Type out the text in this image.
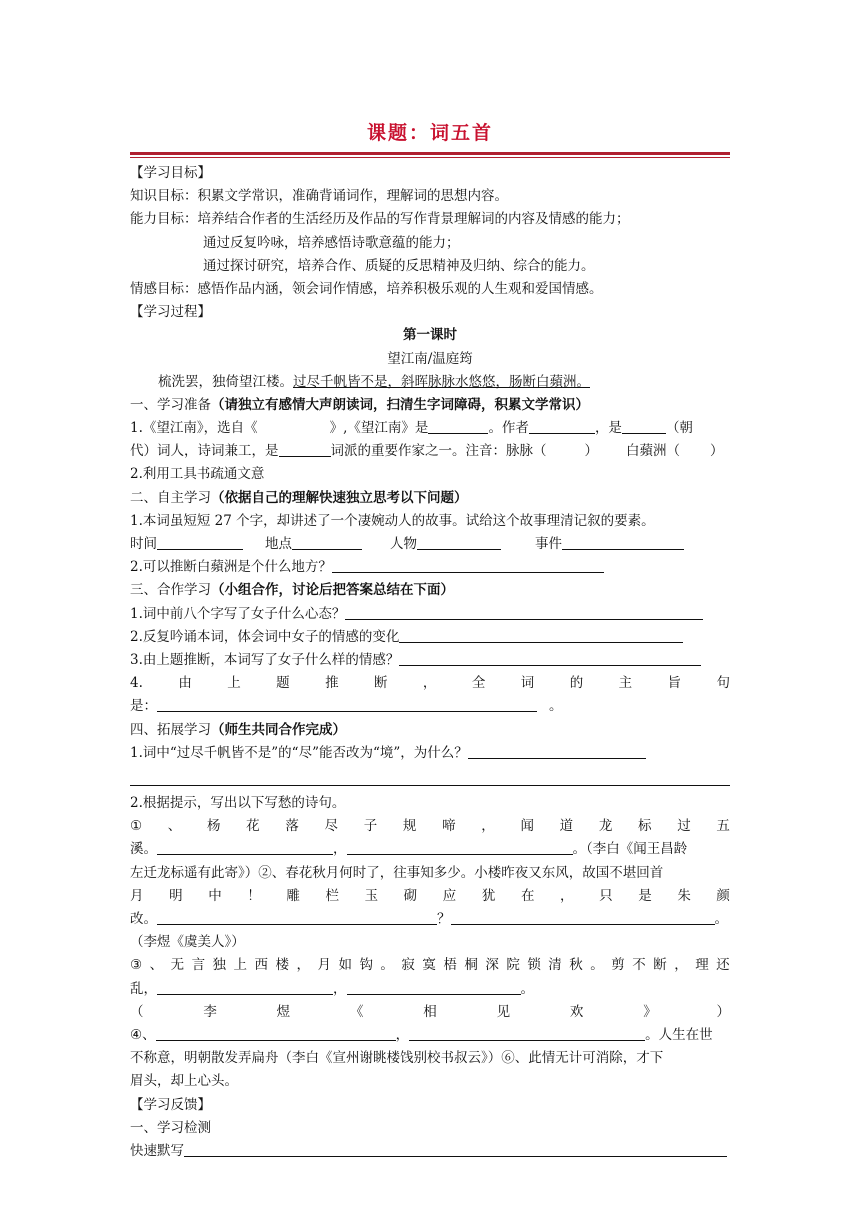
课题：词五首
【学习目标】
知识目标：积累文学常识，准确背诵词作，理解词的思想内容。
能力目标：培养结合作者的生活经历及作品的写作背景理解词的内容及情感的能力；
通过反复吟咏，培养感悟诗歌意蕴的能力；
通过探讨研究，培养合作、质疑的反思精神及归纳、综合的能力。
情感目标：感悟作品内涵，领会词作情感，培养积极乐观的人生观和爱国情感。
【学习过程】
第一课时
望江南/温庭筠
梳洗罢，独倚望江楼。过尽千帆皆不是，斜晖脉脉水悠悠，肠断白蘋洲。
一、学习准备（请独立有感情大声朗读词，扫清生字词障碍，积累文学常识）
1.《望江南》，选自《	》,《望江南》是	。作者	，是	（朝
代）词人，诗词兼工，是	词派的重要作家之一。注音：脉脉（	） 白蘋洲（ ）
2.利用工具书疏通文意
二、自主学习（依据自己的理解快速独立思考以下问题）
1.本词虽短短 27 个字，却讲述了一个凄婉动人的故事。试给这个故事理清记叙的要素。
时间	地点	人物	事件
2.可以推断白蘋洲是个什么地方？
三、合作学习（小组合作，讨论后把答案总结在下面）
1.词中前八个字写了女子什么心态？
2.反复吟诵本词，体会词中女子的情感的变化
3.由上题推断，本词写了女子什么样的情感？
4.	由	上	题	推	断	，	全	词	的	主	旨	句
是：	。
四、拓展学习（师生共同合作完成）
1.词中“过尽千帆皆不是”的“尽”能否改为“境”，为什么？
2.根据提示，写出以下写愁的诗句。
① 、 杨 花 落 尽 子 规 啼 ， 闻 道 龙 标 过 五
溪。	，	。（李白《闻王昌龄
左迁龙标遥有此寄》）②、春花秋月何时了，往事知多少。小楼昨夜又东风，故国不堪回首
月 明 中 ！ 雕 栏 玉 砌 应 犹 在 ， 只 是 朱 颜
改。	？	。
（李煜《虞美人》）
③ 、 无 言 独 上 西 楼 ， 月 如 钩 。 寂 寞 梧 桐 深 院 锁 清 秋 。 剪 不 断 ， 理 还
乱，	，	。
（	李	煜	《	相	见	欢	》	）
④、	，	。人生在世
不称意，明朝散发弄扁舟（李白《宣州谢眺楼饯别校书叔云》）⑥、此情无计可消除，才下
眉头，却上心头。
【学习反馈】
一、学习检测
快速默写
